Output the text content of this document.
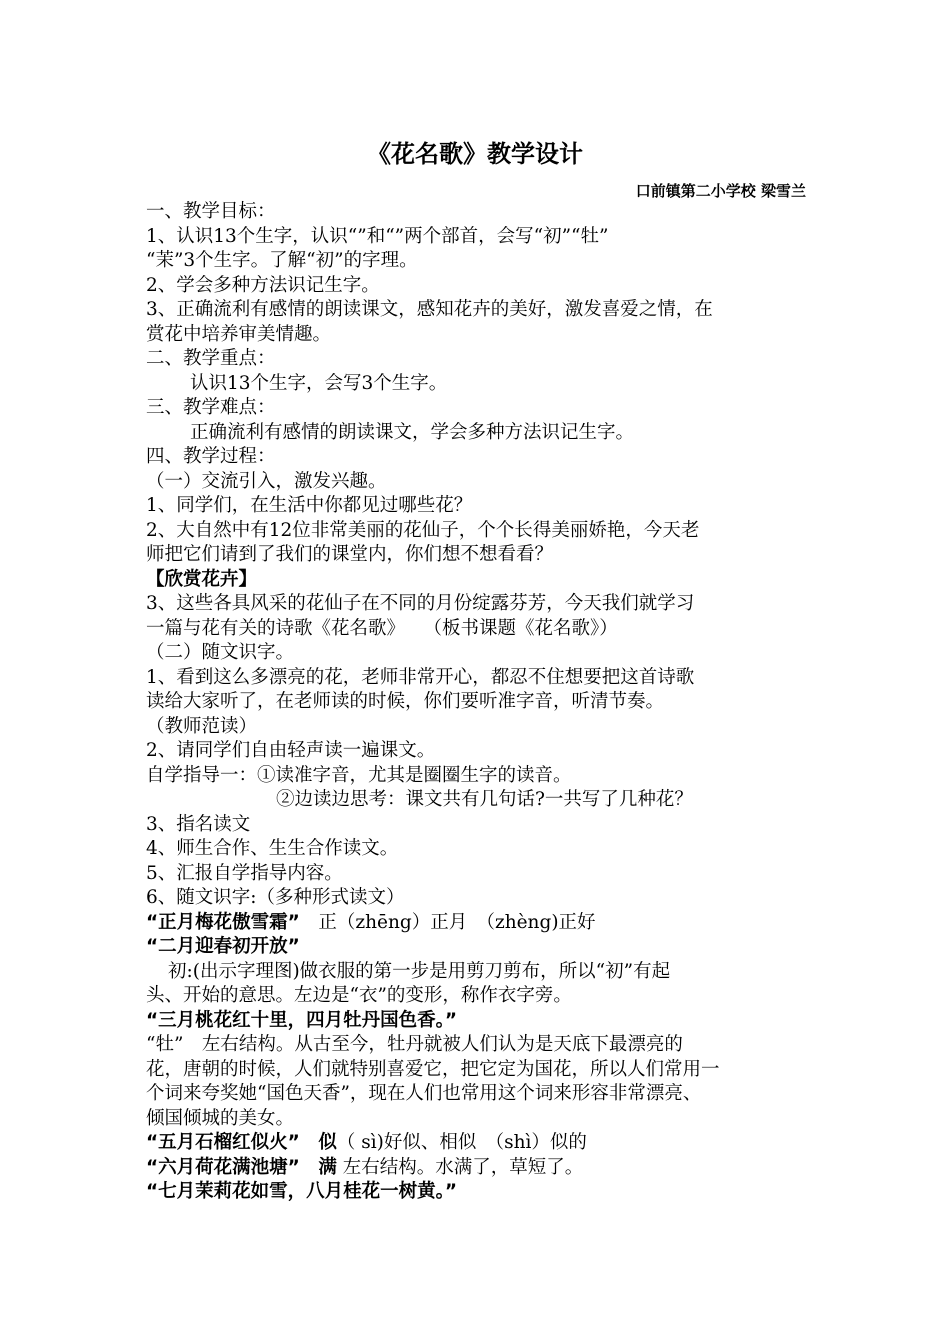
《花名歌》教学设计
口前镇第二小学校 梁雪兰
一、教学目标：
1、认识13个生字，认识“”和“”两个部首，会写“初”“牡”
“茉”3个生字。了解“初”的字理。
2、学会多种方法识记生字。
3、正确流利有感情的朗读课文，感知花卉的美好，激发喜爱之情，在
赏花中培养审美情趣。
二、教学重点：
认识13个生字，会写3个生字。
三、教学难点：
正确流利有感情的朗读课文，学会多种方法识记生字。
四、教学过程：
（一）交流引入，激发兴趣。
1、同学们，在生活中你都见过哪些花？
2、大自然中有12位非常美丽的花仙子，个个长得美丽娇艳，今天老
师把它们请到了我们的课堂内，你们想不想看看？
【欣赏花卉】
3、这些各具风采的花仙子在不同的月份绽露芬芳，今天我们就学习
一篇与花有关的诗歌《花名歌》　　（板书课题《花名歌》）
（二）随文识字。
1、看到这么多漂亮的花，老师非常开心，都忍不住想要把这首诗歌
读给大家听了，在老师读的时候，你们要听准字音，听清节奏。
（教师范读）
2、请同学们自由轻声读一遍课文。
自学指导一：①读准字音，尤其是圈圈生字的读音。
②边读边思考：课文共有几句话?一共写了几种花？
3、指名读文
4、师生合作、生生合作读文。
5、汇报自学指导内容。
6、随文识字:（多种形式读文）
“正月梅花傲雪霜”　正（zhēng）正月　（zhèng)正好
“二月迎春初开放”
初:(出示字理图)做衣服的第一步是用剪刀剪布，所以“初”有起
头、开始的意思。左边是“衣”的变形，称作衣字旁。
“三月桃花红十里，四月牡丹国色香。”
“牡”　左右结构。从古至今，牡丹就被人们认为是天底下最漂亮的
花，唐朝的时候，人们就特别喜爱它，把它定为国花，所以人们常用一
个词来夸奖她“国色天香”，现在人们也常用这个词来形容非常漂亮、
倾国倾城的美女。
“五月石榴红似火”　似（ sì)好似、相似　（shì）似的
“六月荷花满池塘”　满 左右结构。水满了，草短了。
“七月茉莉花如雪，八月桂花一树黄。”
